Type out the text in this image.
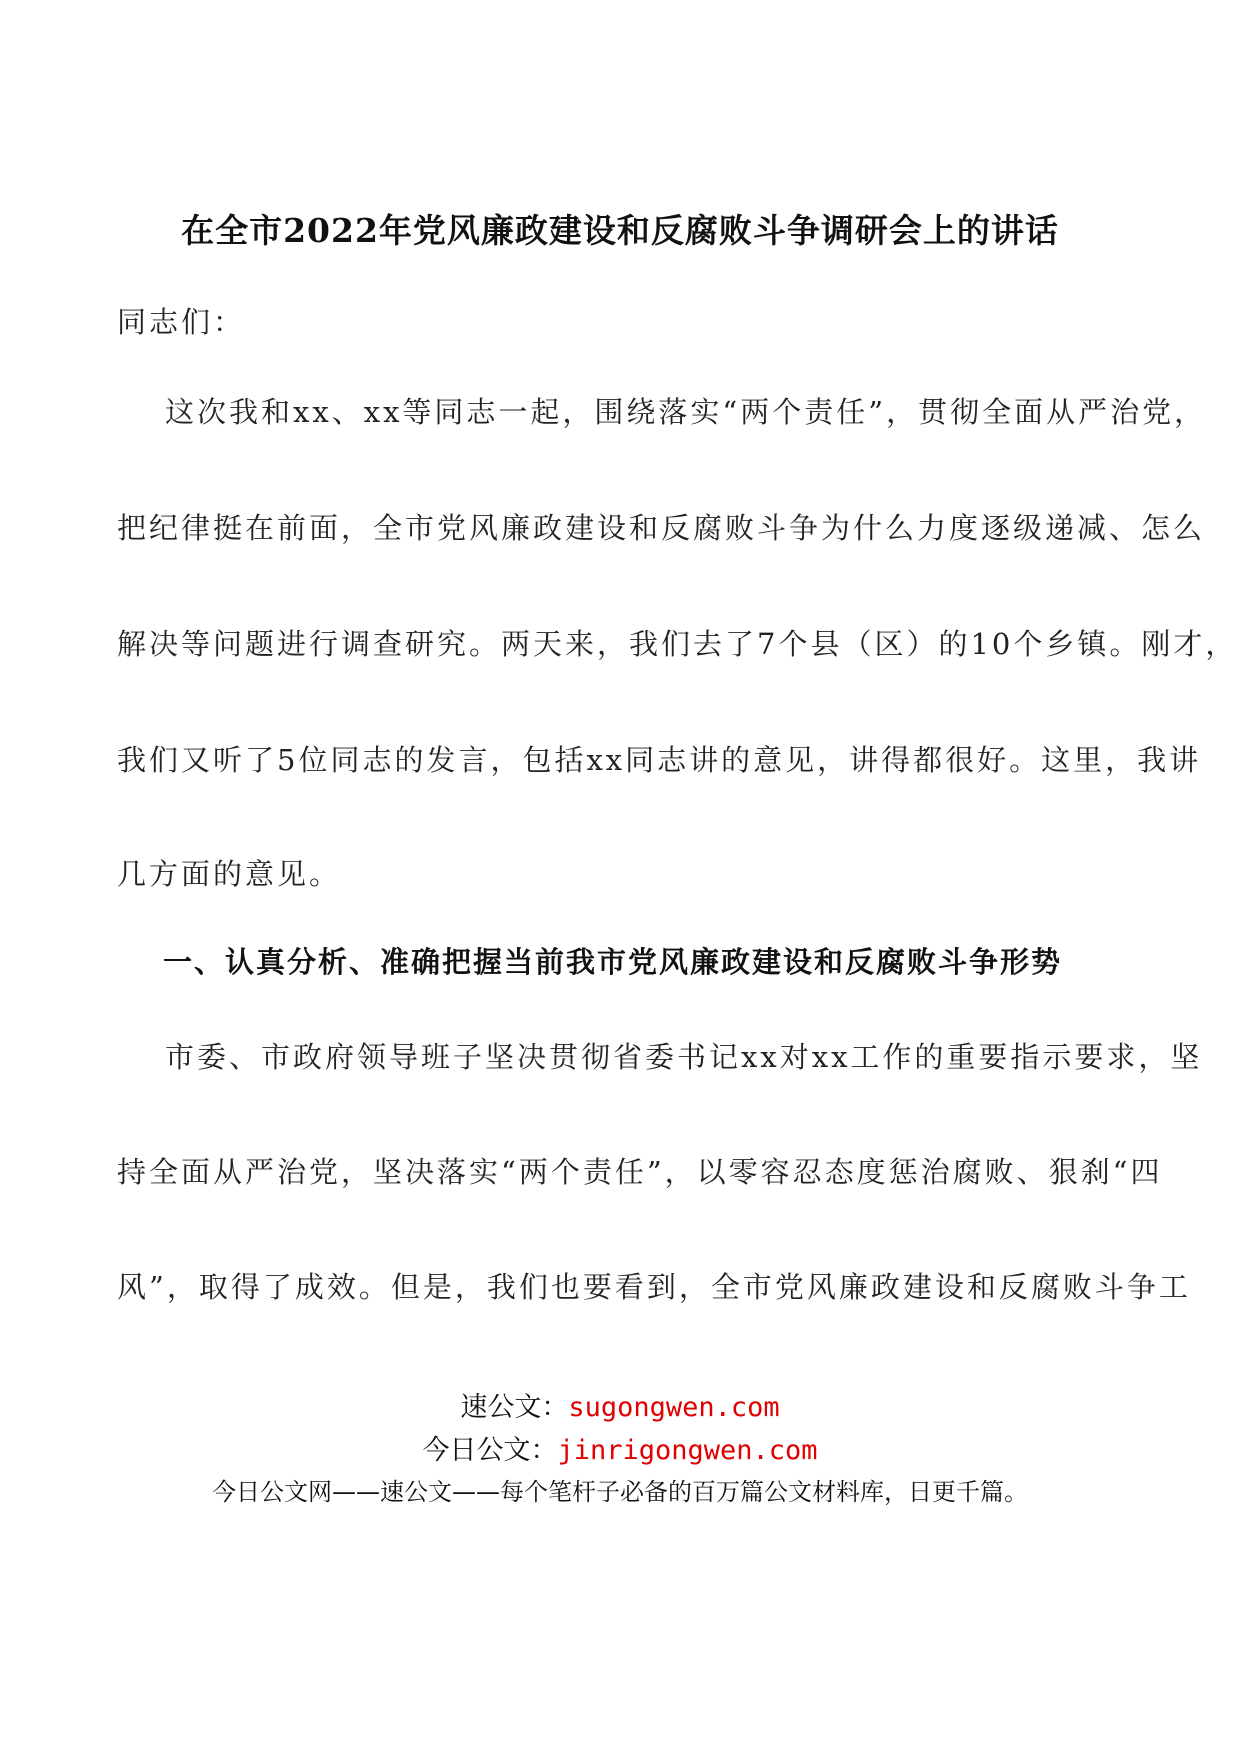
在全市2022年党风廉政建设和反腐败斗争调研会上的讲话
同志们：
这次我和xx、xx等同志一起，围绕落实“两个责任”，贯彻全面从严治党，
把纪律挺在前面，全市党风廉政建设和反腐败斗争为什么力度逐级递减、怎么
解决等问题进行调查研究。两天来，我们去了7个县（区）的10个乡镇。刚才，
我们又听了5位同志的发言，包括xx同志讲的意见，讲得都很好。这里，我讲
几方面的意见。
一、认真分析、准确把握当前我市党风廉政建设和反腐败斗争形势
市委、市政府领导班子坚决贯彻省委书记xx对xx工作的重要指示要求，坚
持全面从严治党，坚决落实“两个责任”，以零容忍态度惩治腐败、狠刹“四
风”，取得了成效。但是，我们也要看到，全市党风廉政建设和反腐败斗争工
速公文：sugongwen.com
今日公文：jinrigongwen.com
今日公文网——速公文——每个笔杆子必备的百万篇公文材料库，日更千篇。
